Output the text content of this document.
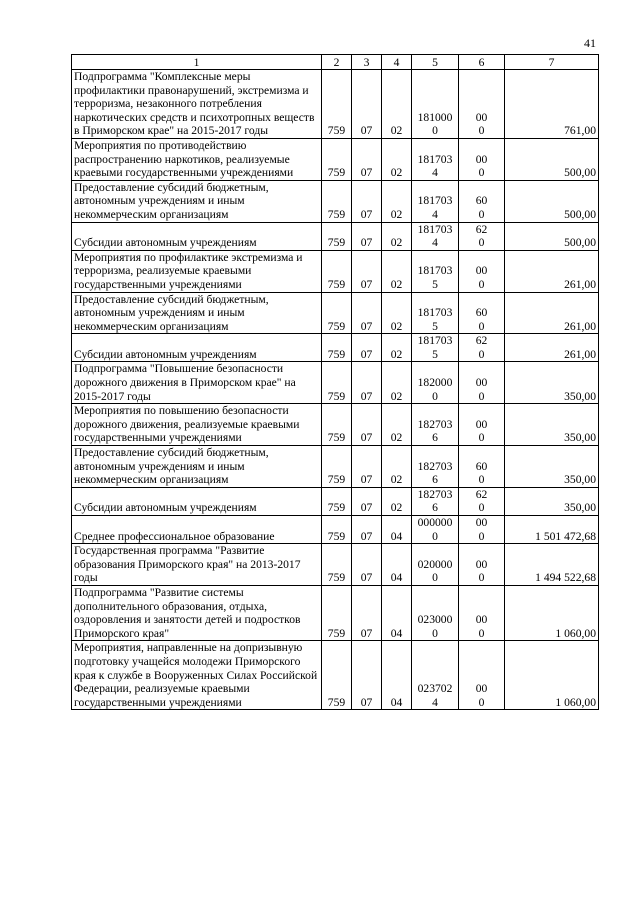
41
1	2	3	4	5	6	7
Подпрограмма "Комплексные меры профилактики правонарушений, экстремизма и терроризма, незаконного потребления наркотических средств и психотропных веществ в Приморском крае" на 2015-2017 годы	759	07	02	1810000	000	761,00
Мероприятия по противодействию распространению наркотиков, реализуемые краевыми государственными учреждениями	759	07	02	1817034	000	500,00
Предоставление субсидий бюджетным, автономным учреждениям и иным некоммерческим организациям	759	07	02	1817034	600	500,00
Субсидии автономным учреждениям	759	07	02	1817034	620	500,00
Мероприятия по профилактике экстремизма и терроризма, реализуемые краевыми государственными учреждениями	759	07	02	1817035	000	261,00
Предоставление субсидий бюджетным, автономным учреждениям и иным некоммерческим организациям	759	07	02	1817035	600	261,00
Субсидии автономным учреждениям	759	07	02	1817035	620	261,00
Подпрограмма "Повышение безопасности дорожного движения в Приморском крае" на 2015-2017 годы	759	07	02	1820000	000	350,00
Мероприятия по повышению безопасности дорожного движения, реализуемые краевыми государственными учреждениями	759	07	02	1827036	000	350,00
Предоставление субсидий бюджетным, автономным учреждениям и иным некоммерческим организациям	759	07	02	1827036	600	350,00
Субсидии автономным учреждениям	759	07	02	1827036	620	350,00
Среднее профессиональное образование	759	07	04	0000000	000	1 501 472,68
Государственная программа "Развитие образования Приморского края" на 2013-2017 годы	759	07	04	0200000	000	1 494 522,68
Подпрограмма "Развитие системы дополнительного образования, отдыха, оздоровления и занятости детей и подростков Приморского края"	759	07	04	0230000	000	1 060,00
Мероприятия, направленные на допризывную подготовку учащейся молодежи Приморского края к службе в Вооруженных Силах Российской Федерации, реализуемые краевыми государственными учреждениями	759	07	04	0237024	000	1 060,00
